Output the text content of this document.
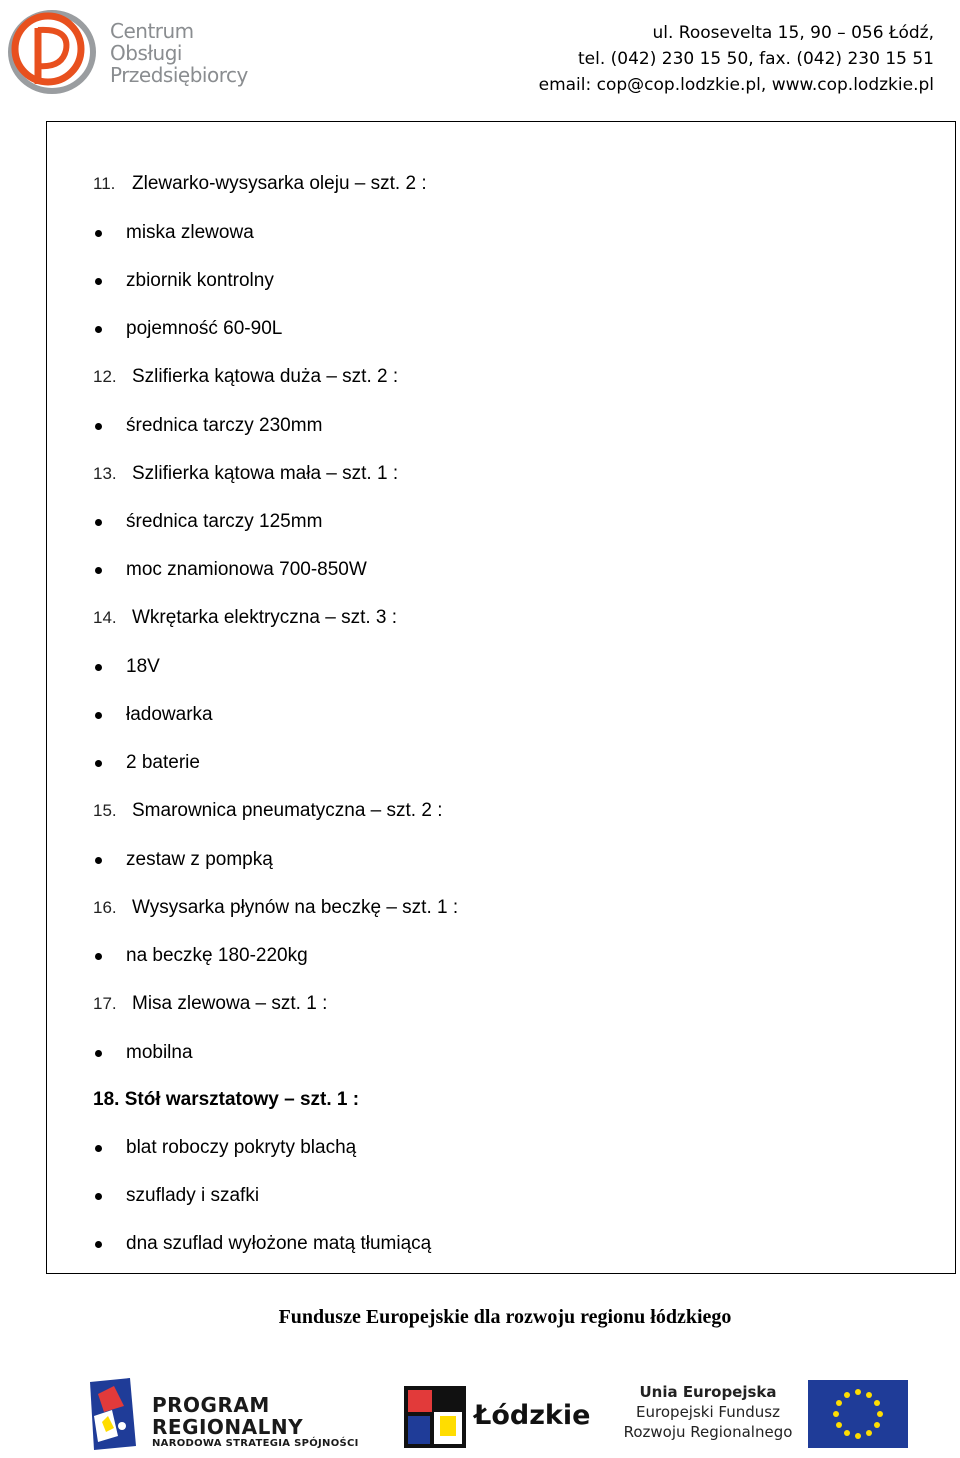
Centrum
Obsługi
Przedsiębiorcy
ul. Roosevelta 15, 90 – 056 Łódź,
tel. (042) 230 15 50, fax. (042) 230 15 51
email: cop@cop.lodzkie.pl, www.cop.lodzkie.pl
11. Zlewarko-wysysarka oleju – szt. 2 :
miska zlewowa
zbiornik kontrolny
pojemność 60-90L
12. Szlifierka kątowa duża – szt. 2 :
średnica tarczy 230mm
13. Szlifierka kątowa mała – szt. 1 :
średnica tarczy 125mm
moc znamionowa 700-850W
14. Wkrętarka elektryczna – szt. 3 :
18V
ładowarka
2 baterie
15. Smarownica pneumatyczna – szt. 2 :
zestaw z pompką
16. Wysysarka płynów na beczkę – szt. 1 :
na beczkę 180-220kg
17. Misa zlewowa – szt. 1 :
mobilna
18. Stół warsztatowy – szt. 1 :
blat roboczy pokryty blachą
szuflady i szafki
dna szuflad wyłożone matą tłumiącą
Fundusze Europejskie dla rozwoju regionu łódzkiego
PROGRAM
REGIONALNY
NARODOWA STRATEGIA SPÓJNOŚCI
Łódzkie
Unia Europejska
Europejski Fundusz
Rozwoju Regionalnego
